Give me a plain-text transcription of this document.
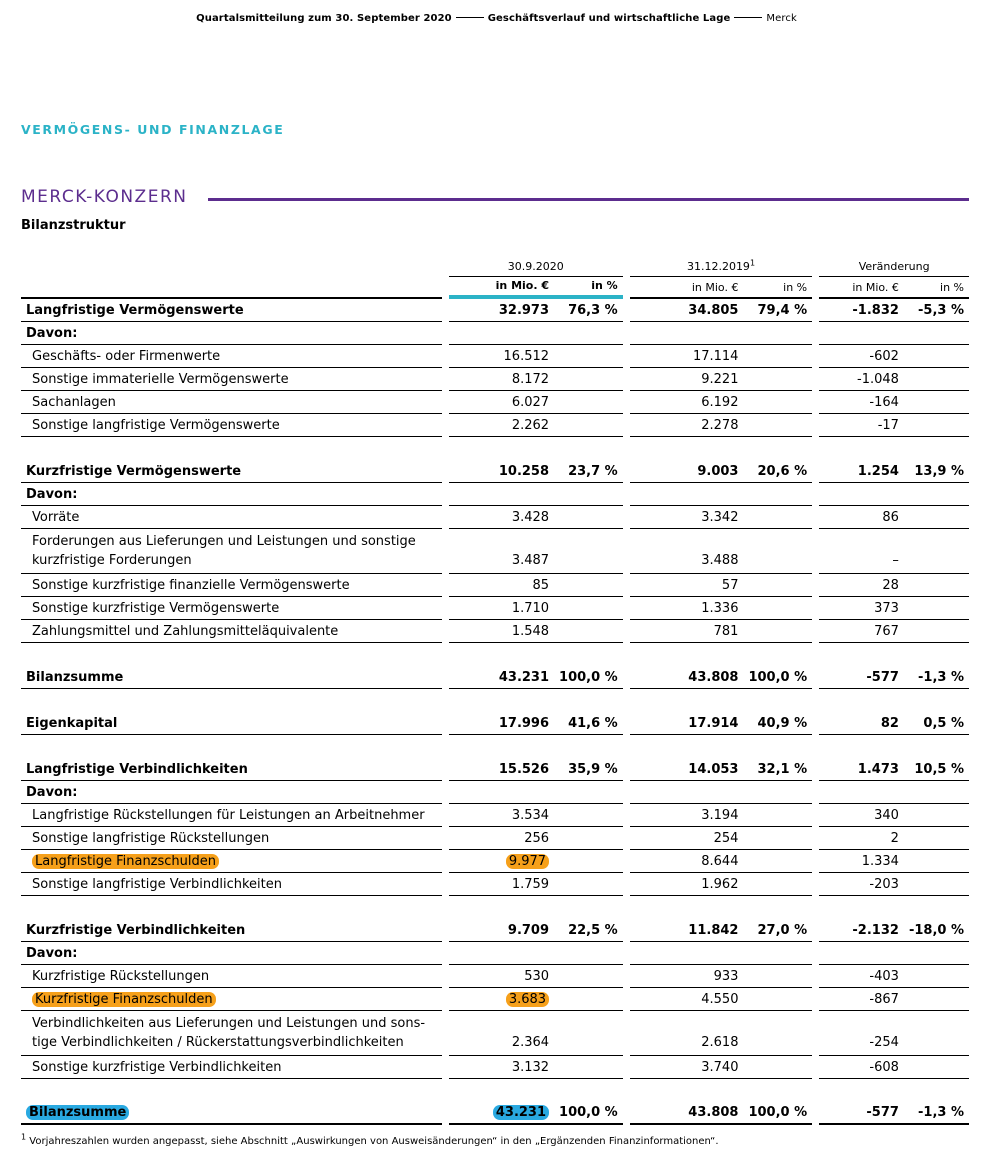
Quartalsmitteilung zum 30. September 2020	Geschäftsverlauf und wirtschaftliche Lage	Merck
VERMÖGENS- UND FINANZLAGE
MERCK-KONZERN
Bilanzstruktur
		30.9.2020			31.12.2019$^1$			Veränderung	
		in Mio. €	in %		in Mio. €	in %		in Mio. €	in %
Langfristige Vermögenswerte		32.973	76,3 %		34.805	79,4 %		-1.832	-5,3 %
Davon:									
Geschäfts- oder Firmenwerte		16.512			17.114			-602	
Sonstige immaterielle Vermögenswerte		8.172			9.221			-1.048	
Sachanlagen		6.027			6.192			-164	
Sonstige langfristige Vermögenswerte		2.262			2.278			-17	

Kurzfristige Vermögenswerte		10.258	23,7 %		9.003	20,6 %		1.254	13,9 %
Davon:									
Vorräte		3.428			3.342			86	
Forderungen aus Lieferungen und Leistungen und sonstige
kurzfristige Forderungen		3.487			3.488			–	
Sonstige kurzfristige finanzielle Vermögenswerte		85			57			28	
Sonstige kurzfristige Vermögenswerte		1.710			1.336			373	
Zahlungsmittel und Zahlungsmitteläquivalente		1.548			781			767	

Bilanzsumme		43.231	100,0 %		43.808	100,0 %		-577	-1,3 %

Eigenkapital		17.996	41,6 %		17.914	40,9 %		82	0,5 %

Langfristige Verbindlichkeiten		15.526	35,9 %		14.053	32,1 %		1.473	10,5 %
Davon:									
Langfristige Rückstellungen für Leistungen an Arbeitnehmer		3.534			3.194			340	
Sonstige langfristige Rückstellungen		256			254			2	
Langfristige Finanzschulden		9.977			8.644			1.334	
Sonstige langfristige Verbindlichkeiten		1.759			1.962			-203	

Kurzfristige Verbindlichkeiten		9.709	22,5 %		11.842	27,0 %		-2.132	-18,0 %
Davon:									
Kurzfristige Rückstellungen		530			933			-403	
Kurzfristige Finanzschulden		3.683			4.550			-867	
Verbindlichkeiten aus Lieferungen und Leistungen und sons-
tige Verbindlichkeiten / Rückerstattungsverbindlichkeiten		2.364			2.618			-254	
Sonstige kurzfristige Verbindlichkeiten		3.132			3.740			-608	

Bilanzsumme		43.231	100,0 %		43.808	100,0 %		-577	-1,3 %
$^1$ Vorjahreszahlen wurden angepasst, siehe Abschnitt „Auswirkungen von Ausweisänderungen“ in den „Ergänzenden Finanzinformationen“.
